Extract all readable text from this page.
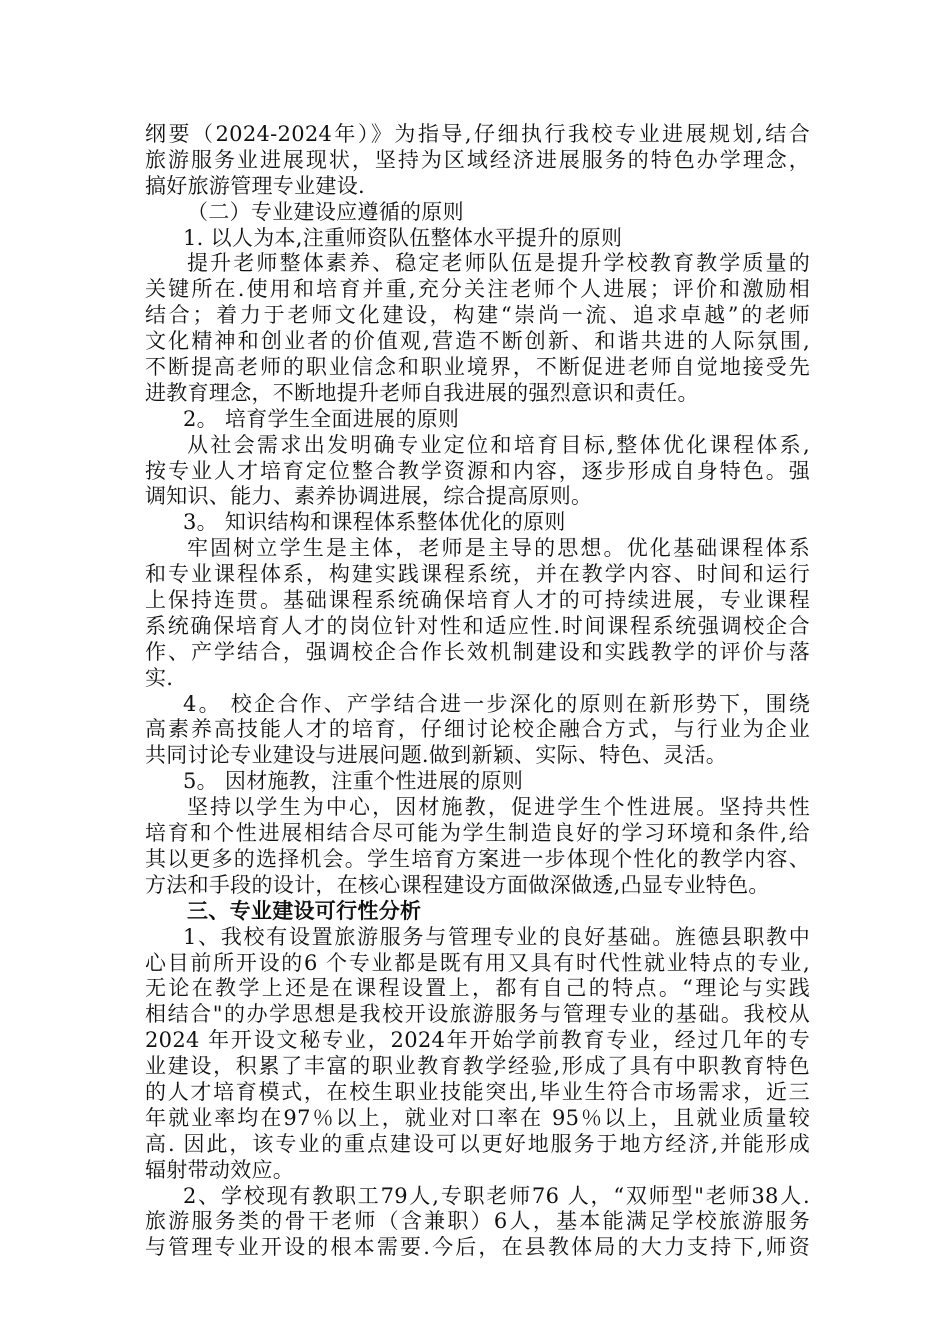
纲要（2024-2024年）》为指导,仔细执行我校专业进展规划,结合
旅游服务业进展现状，坚持为区域经济进展服务的特色办学理念，
搞好旅游管理专业建设.
（二）专业建设应遵循的原则
1. 以人为本,注重师资队伍整体水平提升的原则
提升老师整体素养、稳定老师队伍是提升学校教育教学质量的
关键所在.使用和培育并重,充分关注老师个人进展；评价和激励相
结合；着力于老师文化建设，构建“崇尚一流、追求卓越”的老师
文化精神和创业者的价值观,营造不断创新、和谐共进的人际氛围,
不断提高老师的职业信念和职业境界，不断促进老师自觉地接受先
进教育理念，不断地提升老师自我进展的强烈意识和责任。
2。 培育学生全面进展的原则
从社会需求出发明确专业定位和培育目标,整体优化课程体系,
按专业人才培育定位整合教学资源和内容，逐步形成自身特色。强
调知识、能力、素养协调进展，综合提高原则。
3。 知识结构和课程体系整体优化的原则
牢固树立学生是主体，老师是主导的思想。优化基础课程体系
和专业课程体系，构建实践课程系统，并在教学内容、时间和运行
上保持连贯。基础课程系统确保培育人才的可持续进展，专业课程
系统确保培育人才的岗位针对性和适应性.时间课程系统强调校企合
作、产学结合，强调校企合作长效机制建设和实践教学的评价与落
实.
4。 校企合作、产学结合进一步深化的原则在新形势下，围绕
高素养高技能人才的培育，仔细讨论校企融合方式，与行业为企业
共同讨论专业建设与进展问题.做到新颖、实际、特色、灵活。
5。 因材施教，注重个性进展的原则
坚持以学生为中心，因材施教，促进学生个性进展。坚持共性
培育和个性进展相结合尽可能为学生制造良好的学习环境和条件,给
其以更多的选择机会。学生培育方案进一步体现个性化的教学内容、
方法和手段的设计，在核心课程建设方面做深做透,凸显专业特色。
三、专业建设可行性分析
1、我校有设置旅游服务与管理专业的良好基础。旌德县职教中
心目前所开设的6 个专业都是既有用又具有时代性就业特点的专业,
无论在教学上还是在课程设置上，都有自己的特点。“理论与实践
相结合"的办学思想是我校开设旅游服务与管理专业的基础。我校从
2024 年开设文秘专业，2024年开始学前教育专业，经过几年的专
业建设，积累了丰富的职业教育教学经验,形成了具有中职教育特色
的人才培育模式，在校生职业技能突出,毕业生符合市场需求，近三
年就业率均在97％以上，就业对口率在 95％以上，且就业质量较
高. 因此，该专业的重点建设可以更好地服务于地方经济,并能形成
辐射带动效应。
2、学校现有教职工79人,专职老师76 人，“双师型"老师38人.
旅游服务类的骨干老师（含兼职）6人，基本能满足学校旅游服务
与管理专业开设的根本需要.今后，在县教体局的大力支持下,师资
